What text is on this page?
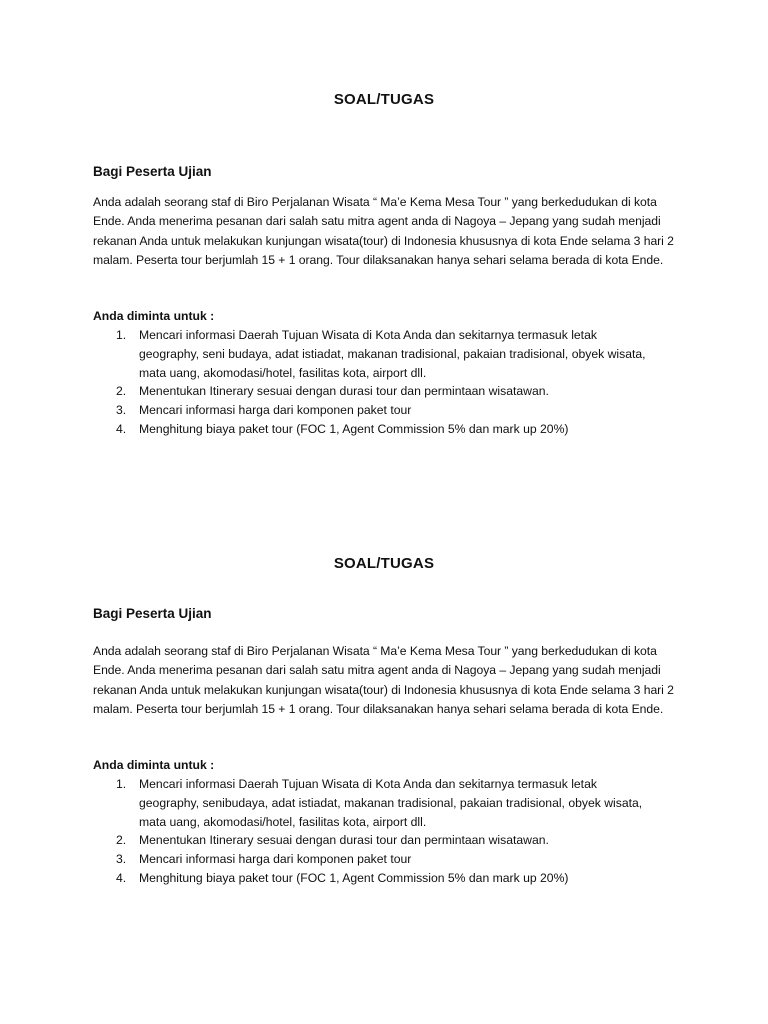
SOAL/TUGAS
Bagi Peserta Ujian

Anda adalah seorang staf di Biro Perjalanan Wisata “ Ma’e Kema Mesa Tour ” yang berkedudukan di kota Ende. Anda menerima pesanan dari salah satu mitra agent anda di Nagoya – Jepang yang sudah menjadi rekanan Anda untuk melakukan kunjungan wisata(tour) di Indonesia khususnya di kota Ende selama 3 hari 2 malam. Peserta tour berjumlah 15 + 1 orang. Tour dilaksanakan hanya sehari selama berada di kota Ende.

Anda diminta untuk :

1. Mencari informasi Daerah Tujuan Wisata di Kota Anda dan sekitarnya termasuk letak geography, seni budaya, adat istiadat, makanan tradisional, pakaian tradisional, obyek wisata, mata uang, akomodasi/hotel, fasilitas kota, airport dll.
2. Menentukan Itinerary sesuai dengan durasi tour dan permintaan wisatawan.
3. Mencari informasi harga dari komponen paket tour
4. Menghitung biaya paket tour (FOC 1, Agent Commission 5% dan mark up 20%)
SOAL/TUGAS
Bagi Peserta Ujian

Anda adalah seorang staf di Biro Perjalanan Wisata “ Ma’e Kema Mesa Tour ” yang berkedudukan di kota Ende. Anda menerima pesanan dari salah satu mitra agent anda di Nagoya – Jepang yang sudah menjadi rekanan Anda untuk melakukan kunjungan wisata(tour) di Indonesia khususnya di kota Ende selama 3 hari 2 malam. Peserta tour berjumlah 15 + 1 orang. Tour dilaksanakan hanya sehari selama berada di kota Ende.

Anda diminta untuk :

1. Mencari informasi Daerah Tujuan Wisata di Kota Anda dan sekitarnya termasuk letak geography, senibudaya, adat istiadat, makanan tradisional, pakaian tradisional, obyek wisata, mata uang, akomodasi/hotel, fasilitas kota, airport dll.
2. Menentukan Itinerary sesuai dengan durasi tour dan permintaan wisatawan.
3. Mencari informasi harga dari komponen paket tour
4. Menghitung biaya paket tour (FOC 1, Agent Commission 5% dan mark up 20%)
